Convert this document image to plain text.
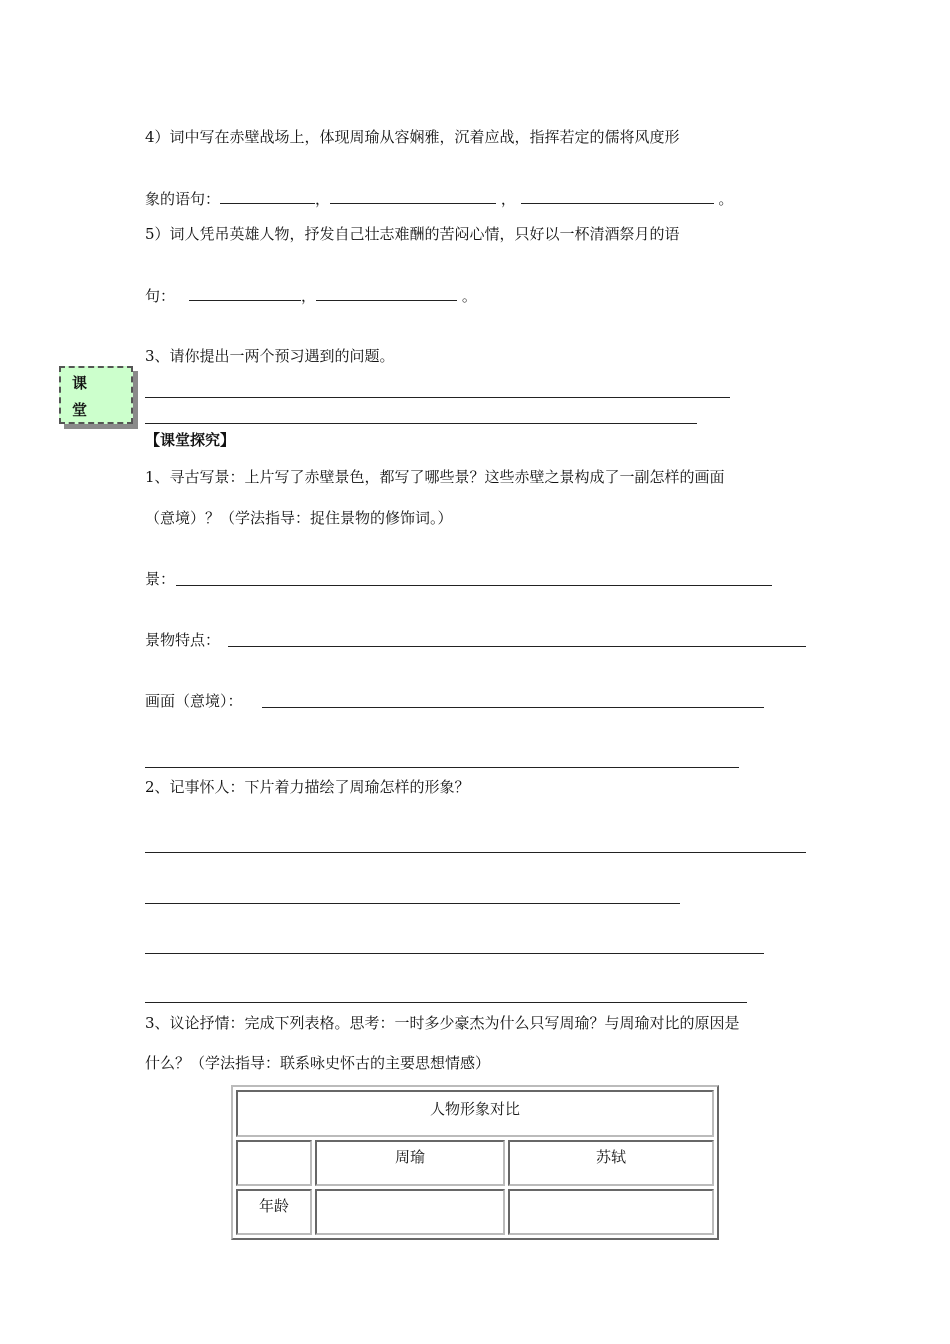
4）词中写在赤壁战场上，体现周瑜从容娴雅，沉着应战，指挥若定的儒将风度形
象的语句：	，	，	。
5）词人凭吊英雄人物，抒发自己壮志难酬的苦闷心情，只好以一杯清酒祭月的语
句：	，	。
3、请你提出一两个预习遇到的问题。
课
堂
【课堂探究】
1、寻古写景：上片写了赤壁景色，都写了哪些景？这些赤壁之景构成了一副怎样的画面
（意境）？（学法指导：捉住景物的修饰词。）
景：
景物特点：
画面（意境）：
2、记事怀人：下片着力描绘了周瑜怎样的形象？
3、议论抒情：完成下列表格。思考：一时多少豪杰为什么只写周瑜？与周瑜对比的原因是
什么？（学法指导：联系咏史怀古的主要思想情感）
人物形象对比		
	周瑜	苏轼
年龄		
